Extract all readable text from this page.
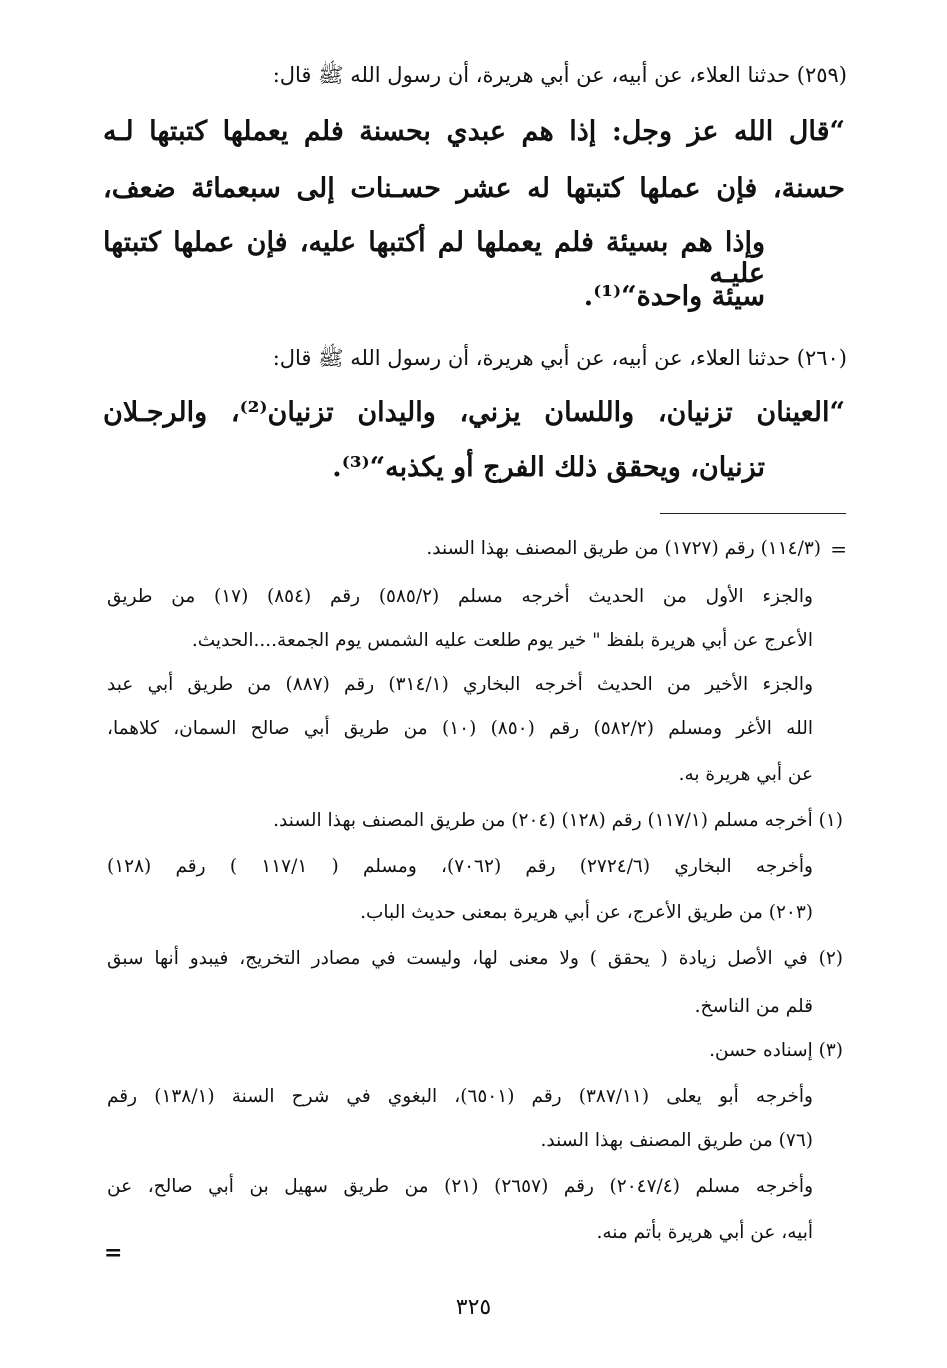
(٢٥٩) حدثنا العلاء، عن أبيه، عن أبي هريرة، أن رسول الله ﷺ قال:
“قال الله عز وجل: إذا هم عبدي بحسنة فلم يعملها كتبتها لـه
حسنة، فإن عملها كتبتها له عشر حسـنات إلى سبعمائة ضعف،
وإذا هم بسيئة فلم يعملها لم أكتبها عليه، فإن عملها كتبتها عليـه
سيئة واحدة“⁽¹⁾.
(٢٦٠) حدثنا العلاء، عن أبيه، عن أبي هريرة، أن رسول الله ﷺ قال:
“العينان تزنيان، واللسان يزني، واليدان تزنيان⁽²⁾، والرجـلان
تزنيان، ويحقق ذلك الفرج أو يكذبه“⁽³⁾.
=
(١١٤/٣) رقم (١٧٢٧) من طريق المصنف بهذا السند.
والجزء الأول من الحديث أخرجه مسلم (٥٨٥/٢) رقم (٨٥٤) (١٧) من طريق
الأعرج عن أبي هريرة بلفظ " خير يوم طلعت عليه الشمس يوم الجمعة....الحديث.
والجزء الأخير من الحديث أخرجه البخاري (٣١٤/١) رقم (٨٨٧) من طريق أبي عبد
الله الأغر ومسلم (٥٨٢/٢) رقم (٨٥٠) (١٠) من طريق أبي صالح السمان، كلاهما،
عن أبي هريرة به.
(١) أخرجه مسلم (١١٧/١) رقم (١٢٨) (٢٠٤) من طريق المصنف بهذا السند.
وأخرجه البخاري (٢٧٢٤/٦) رقم (٧٠٦٢)، ومسلم ( ١١٧/١ ) رقم (١٢٨)
(٢٠٣) من طريق الأعرج، عن أبي هريرة بمعنى حديث الباب.
(٢) في الأصل زيادة ( يحقق ) ولا معنى لها، وليست في مصادر التخريج، فيبدو أنها سبق
قلم من الناسخ.
(٣) إسناده حسن.
وأخرجه أبو يعلى (٣٨٧/١١) رقم (٦٥٠١)، البغوي في شرح السنة (١٣٨/١) رقم
(٧٦) من طريق المصنف بهذا السند.
وأخرجه مسلم (٢٠٤٧/٤) رقم (٢٦٥٧) (٢١) من طريق سهيل بن أبي صالح، عن
أبيه، عن أبي هريرة بأتم منه.
=
٣٢٥
